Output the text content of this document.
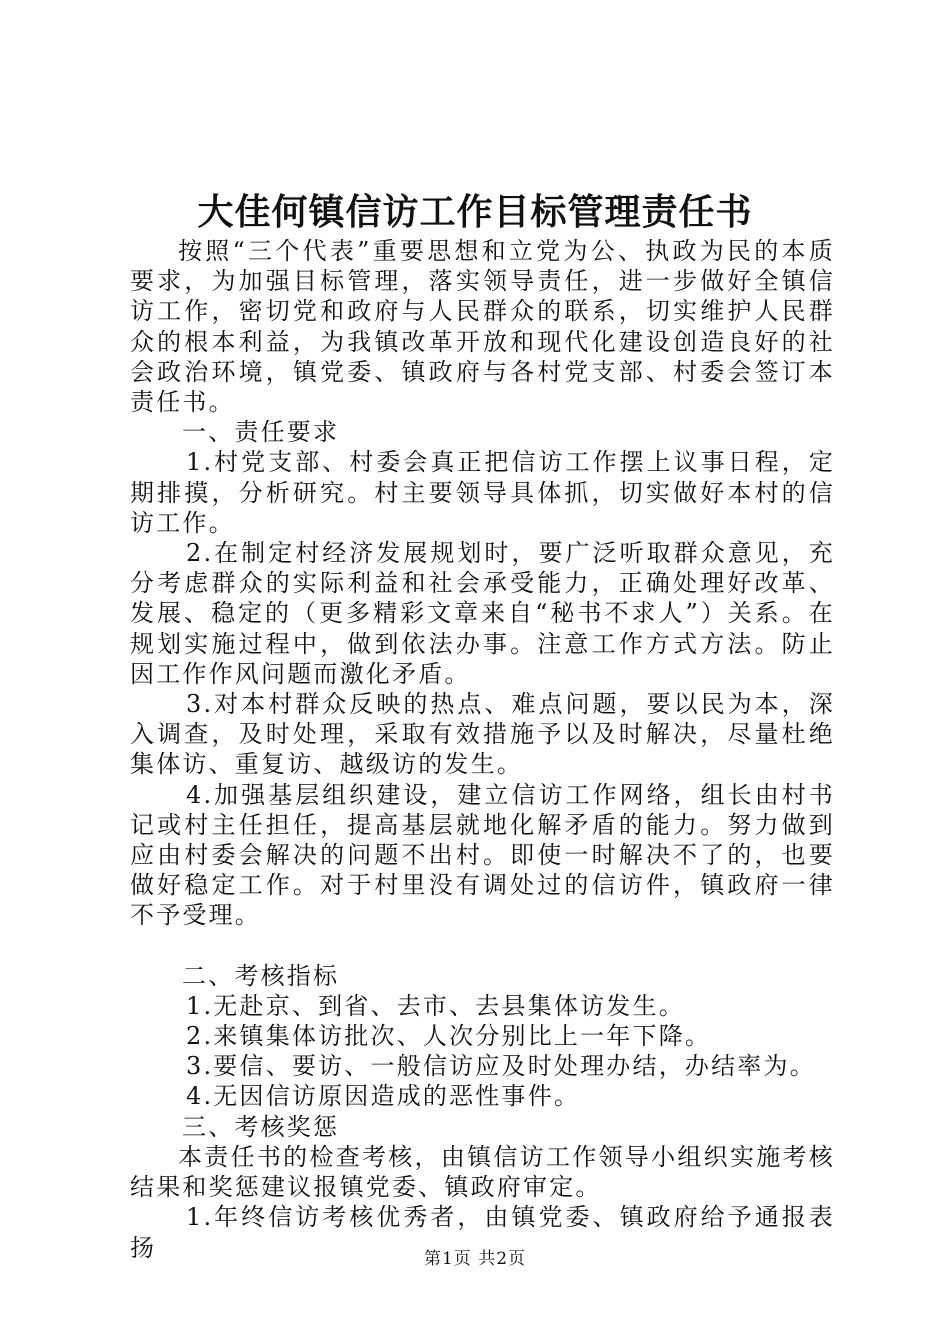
大佳何镇信访工作目标管理责任书

按照“三个代表”重要思想和立党为公、执政为民的本质要求，为加强目标管理，落实领导责任，进一步做好全镇信访工作，密切党和政府与人民群众的联系，切实维护人民群众的根本利益，为我镇改革开放和现代化建设创造良好的社会政治环境，镇党委、镇政府与各村党支部、村委会签订本责任书。

一、责任要求

1.村党支部、村委会真正把信访工作摆上议事日程，定期排摸，分析研究。村主要领导具体抓，切实做好本村的信访工作。

2.在制定村经济发展规划时，要广泛听取群众意见，充分考虑群众的实际利益和社会承受能力，正确处理好改革、发展、稳定的（更多精彩文章来自“秘书不求人”）关系。在规划实施过程中，做到依法办事。注意工作方式方法。防止因工作作风问题而激化矛盾。

3.对本村群众反映的热点、难点问题，要以民为本，深入调查，及时处理，采取有效措施予以及时解决，尽量杜绝集体访、重复访、越级访的发生。

4.加强基层组织建设，建立信访工作网络，组长由村书记或村主任担任，提高基层就地化解矛盾的能力。努力做到应由村委会解决的问题不出村。即使一时解决不了的，也要做好稳定工作。对于村里没有调处过的信访件，镇政府一律不予受理。

二、考核指标

1.无赴京、到省、去市、去县集体访发生。

2.来镇集体访批次、人次分别比上一年下降。

3.要信、要访、一般信访应及时处理办结，办结率为。

4.无因信访原因造成的恶性事件。

三、考核奖惩

本责任书的检查考核，由镇信访工作领导小组织实施考核结果和奖惩建议报镇党委、镇政府审定。

1.年终信访考核优秀者，由镇党委、镇政府给予通报表扬	第1页 共2页
